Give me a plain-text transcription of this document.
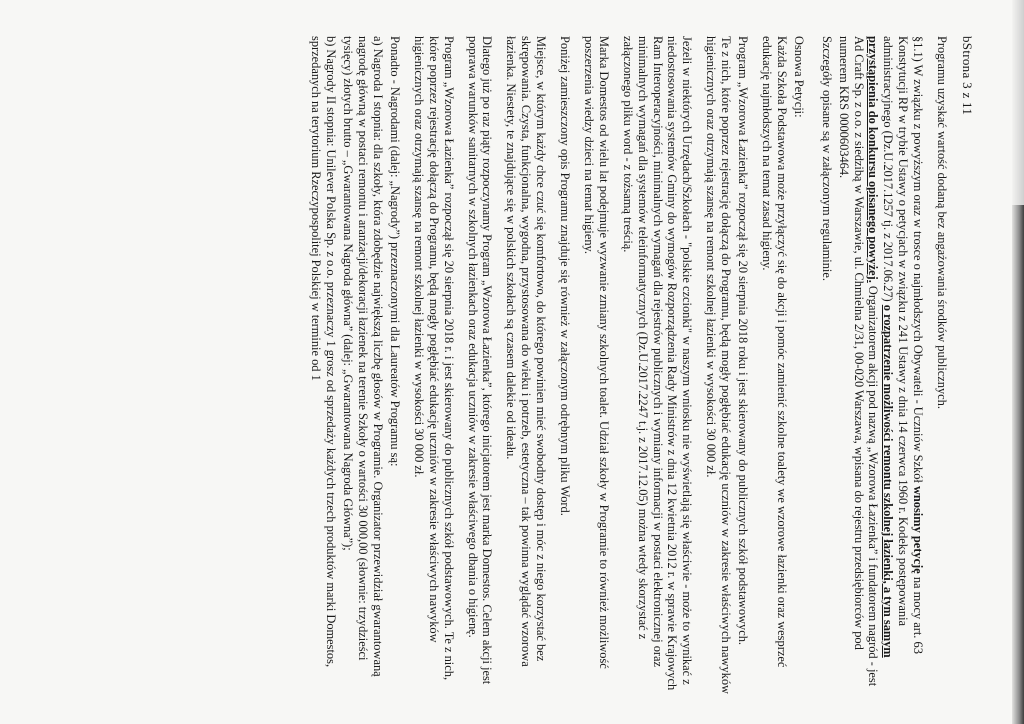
bStrona 3 z 11
Programu uzyskać wartość dodaną bez angażowania środków publicznych.
§1.1) W związku z powyższym oraz w trosce o najmłodszych Obywateli - Uczniów Szkół wnosimy petycję na mocy art. 63 Konstytucji RP w trybie Ustawy o petycjach w związku z 241 Ustawy z dnia 14 czerwca 1960 r. Kodeks postępowania administracyjnego (Dz.U.2017.1257 tj. z 2017.06.27) o rozpatrzenie możliwości remontu szkolnej łazienki, a tym samym przystąpienia do konkursu opisanego powyżej. Organizatorem akcji pod nazwą „Wzorowa Łazienka” i fundatorem nagród - jest Ad Craft Sp. z o.o. z siedzibą w Warszawie, ul. Chmielna 2/31, 00-020 Warszawa, wpisana do rejestru przedsiębiorców pod numerem KRS 0000603464.
Szczegóły opisane są w załączonym regulaminie.
Osnowa Petycji:
Każda Szkoła Podstawowa może przyłączyć się do akcji i pomóc zamienić szkolne toalety we wzorowe łazienki oraz wesprzeć edukację najmłodszych na temat zasad higieny.
Program „Wzorowa Łazienka” rozpoczął się 20 sierpnia 2018 roku i jest skierowany do publicznych szkół podstawowych.
Te z nich, które poprzez rejestrację dołączą do Programu, będą mogły pogłębiać edukację uczniów w zakresie właściwych nawyków higienicznych oraz otrzymają szansę na remont szkolnej łazienki w wysokości 30 000 zł.
Jeżeli w niektórych Urzędach/Szkołach - "polskie czcionki" w naszym wniosku nie wyświetlają się właściwie - może to wynikać z niedostosowania systemów Gminy do wymogów Rozporządzenia Rady Ministrów z dnia 12 kwietnia 2012 r. w sprawie Krajowych Ram Interoperacyjności, minimalnych wymagań dla rejestrów publicznych i wymiany informacji w postaci elektronicznej oraz minimalnych wymagań dla systemów teleinformatycznych (Dz.U.2017.2247 t.j. z 2017.12.05) można wtedy skorzystać z załączonego pliku word - z tożsamą treścią.
Marka Domestos od wielu lat podejmuje wyzwanie zmiany szkolnych toalet. Udział szkoły w Programie to również możliwość poszerzenia wiedzy dzieci na temat higieny.
Poniżej zamieszczony opis Programu znajduje się również w załączonym odrębnym pliku Word.
Miejsce, w którym każdy chce czuć się komfortowo, do którego powinien mieć swobodny dostęp i móc z niego korzystać bez skrępowania. Czysta, funkcjonalna, wygodna, przystosowana do wieku i potrzeb, estetyczna – tak powinna wyglądać wzorowa łazienka. Niestety, te znajdujące się w polskich szkołach są czasem dalekie od ideału.
Dlatego już po raz piąty rozpoczynamy Program „Wzorowa Łazienka”, którego inicjatorem jest marka Domestos. Celem akcji jest poprawa warunków sanitarnych w szkolnych łazienkach oraz edukacja uczniów w zakresie właściwego dbania o higienę.
Program „Wzorowa Łazienka” rozpoczął się 20 sierpnia 2018 r. i jest skierowany do publicznych szkół podstawowych. Te z nich, które poprzez rejestrację dołączą do Programu, będą mogły pogłębiać edukację uczniów w zakresie właściwych nawyków higienicznych oraz otrzymają szansę na remont szkolnej łazienki w wysokości 30 000 zł.
Ponadto - Nagrodami (dalej: „Nagrody”) przeznaczonymi dla Laureatów Programu są:
a) Nagroda I stopnia: dla szkoły, która zdobędzie największą liczbę głosów w Programie. Organizator przewidział gwarantowaną nagrodę główną w postaci remontu i aranżacji/dekoracji łazienek na terenie Szkoły o wartości 30 000,00 (słownie: trzydzieści tysięcy) złotych brutto – „Gwarantowana Nagroda główna” (dalej: „Gwarantowana Nagroda Główna”);
b) Nagrody II stopnia: Unilever Polska Sp. z o.o. przeznaczy 1 grosz od sprzedaży każdych trzech produktów marki Domestos, sprzedanych na terytorium Rzeczypospolitej Polskiej w terminie od 1
